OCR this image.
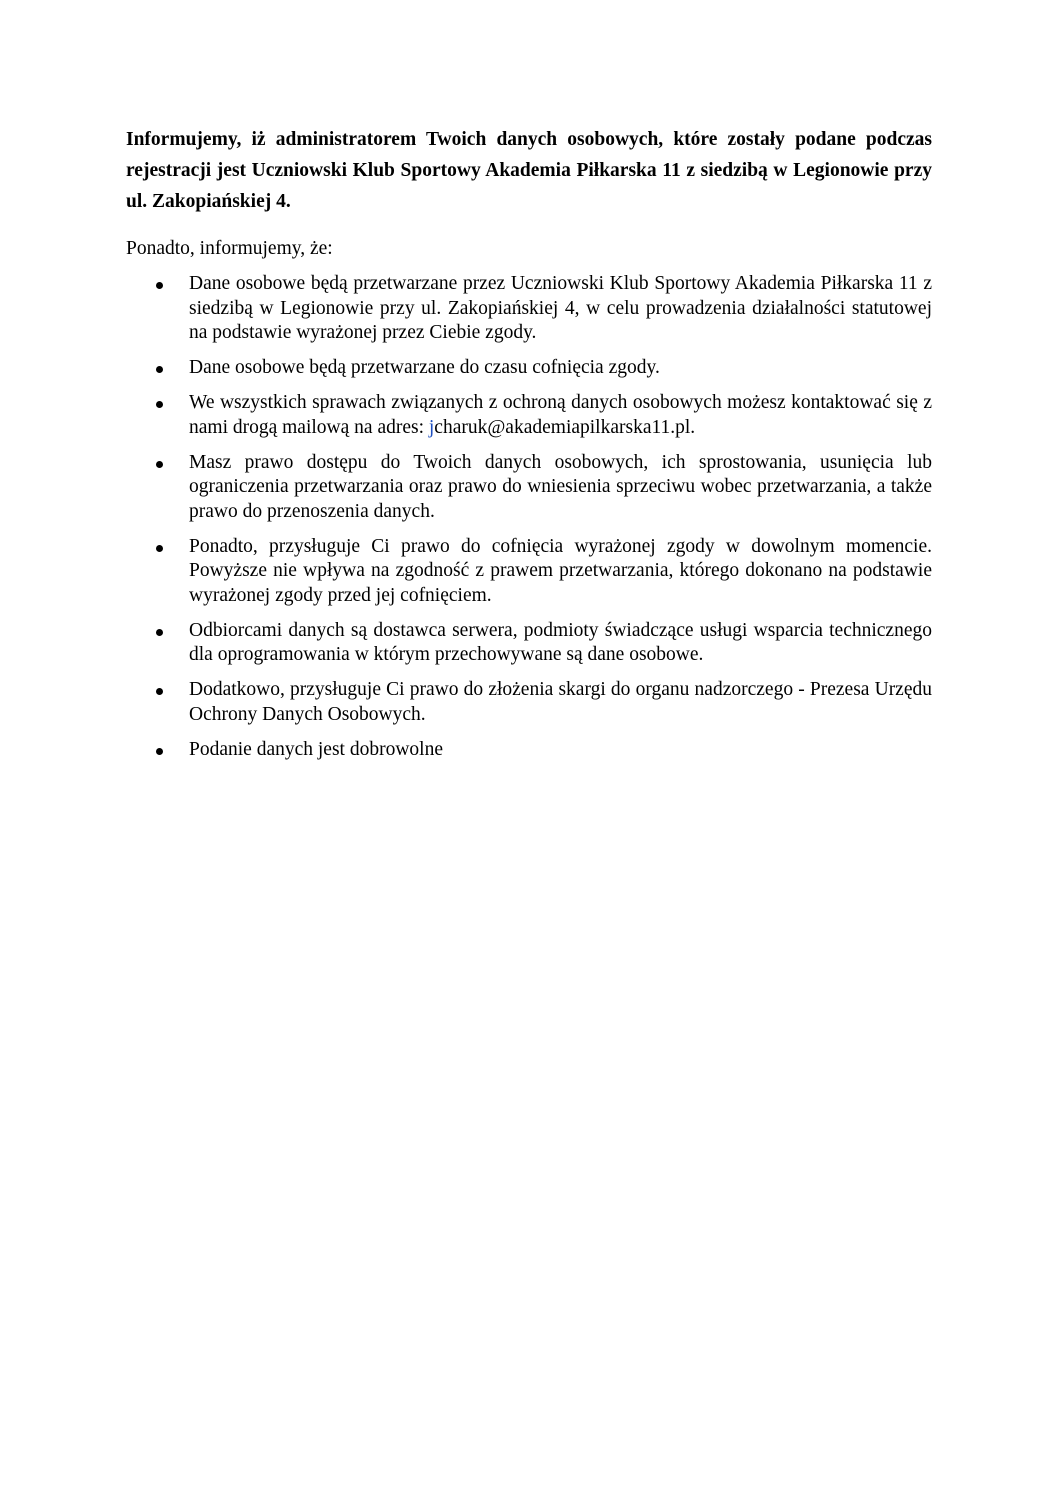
Informujemy, iż administratorem Twoich danych osobowych, które zostały podane podczas rejestracji jest Uczniowski Klub Sportowy Akademia Piłkarska 11 z siedzibą w Legionowie przy ul. Zakopiańskiej 4.

Ponadto, informujemy, że:

Dane osobowe będą przetwarzane przez Uczniowski Klub Sportowy Akademia Piłkarska 11 z siedzibą w Legionowie przy ul. Zakopiańskiej 4, w celu prowadzenia działalności statutowej na podstawie wyrażonej przez Ciebie zgody.
Dane osobowe będą przetwarzane do czasu cofnięcia zgody.
We wszystkich sprawach związanych z ochroną danych osobowych możesz kontaktować się z nami drogą mailową na adres: jcharuk@akademiapilkarska11.pl.
Masz prawo dostępu do Twoich danych osobowych, ich sprostowania, usunięcia lub ograniczenia przetwarzania oraz prawo do wniesienia sprzeciwu wobec przetwarzania, a także prawo do przenoszenia danych.
Ponadto, przysługuje Ci prawo do cofnięcia wyrażonej zgody w dowolnym momencie. Powyższe nie wpływa na zgodność z prawem przetwarzania, którego dokonano na podstawie wyrażonej zgody przed jej cofnięciem.
Odbiorcami danych są dostawca serwera, podmioty świadczące usługi wsparcia technicznego dla oprogramowania w którym przechowywane są dane osobowe.
Dodatkowo, przysługuje Ci prawo do złożenia skargi do organu nadzorczego - Prezesa Urzędu Ochrony Danych Osobowych.
Podanie danych jest dobrowolne
